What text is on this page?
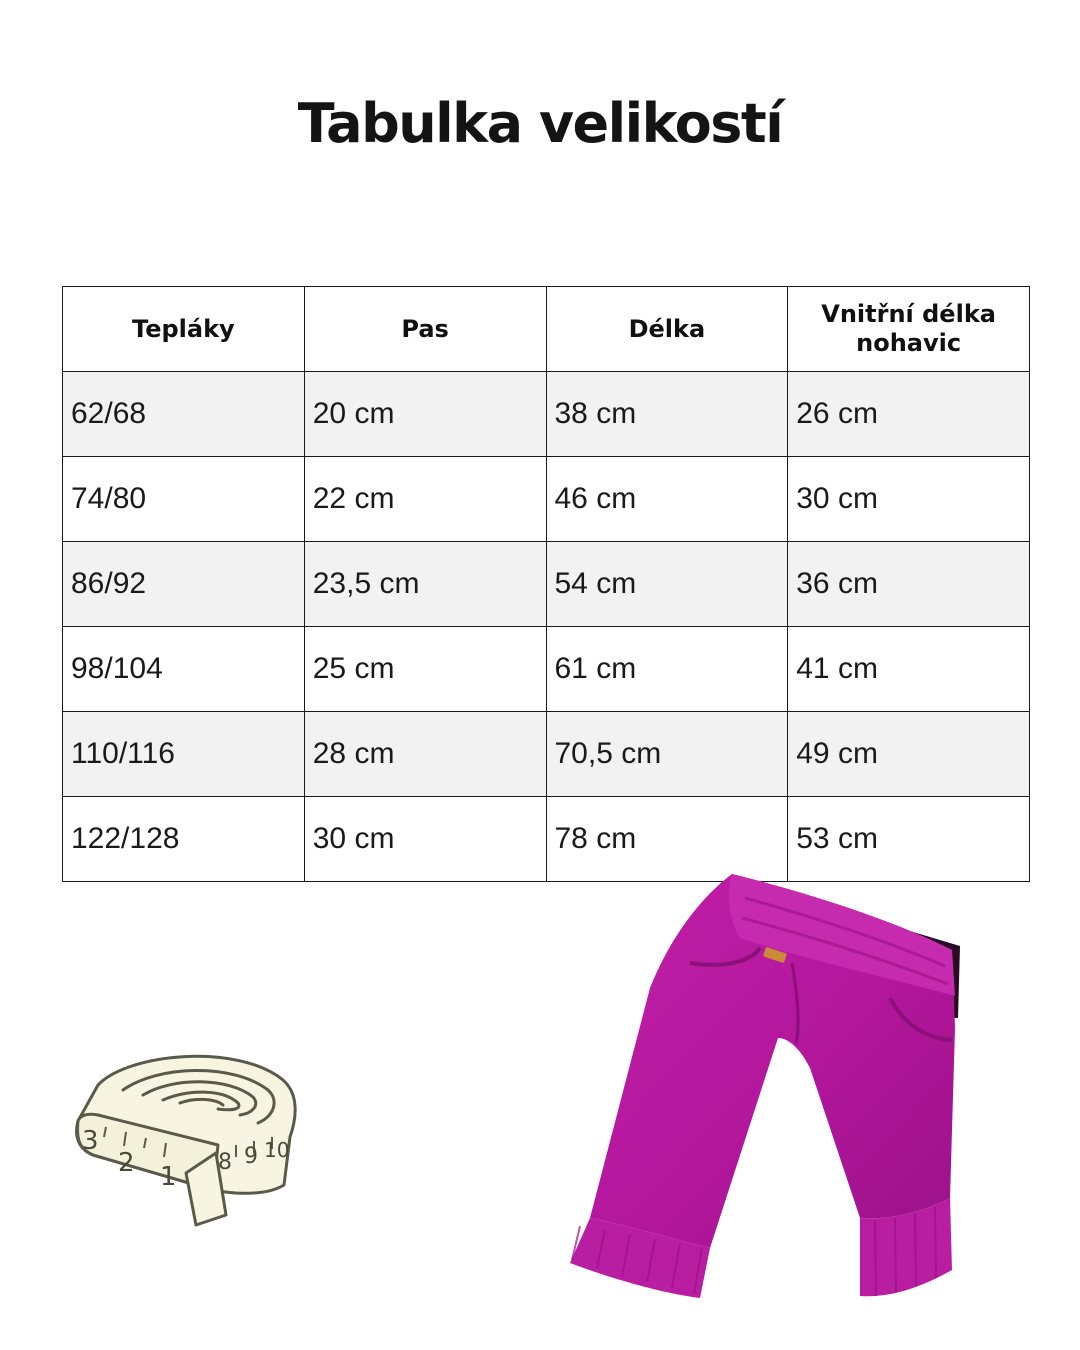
Tabulka velikostí
Tepláky	Pas	Délka	Vnitřní délka nohavic
62/68	20 cm	38 cm	26 cm
74/80	22 cm	46 cm	30 cm
86/92	23,5 cm	54 cm	36 cm
98/104	25 cm	61 cm	41 cm
110/116	28 cm	70,5 cm	49 cm
122/128	30 cm	78 cm	53 cm
3
2 1 8 9 10
